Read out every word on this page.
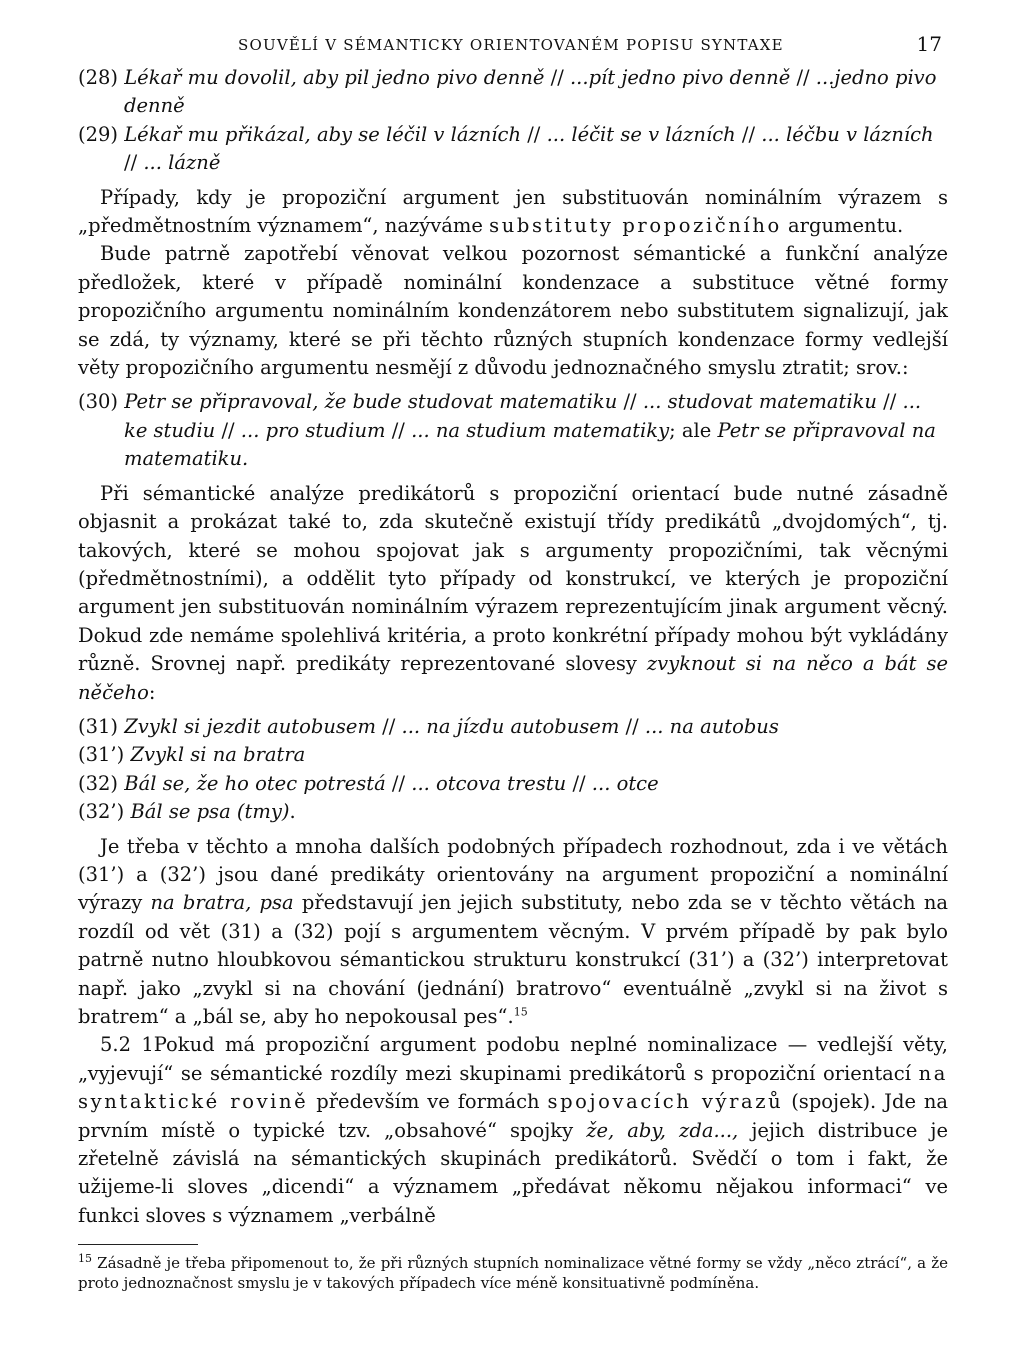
SOUVĚLÍ V SÉMANTICKY ORIENTOVANÉM POPISU SYNTAXE	17

(28) Lékař mu dovolil, aby pil jedno pivo denně // ...pít jedno pivo denně // ...jedno pivo denně

(29) Lékař mu přikázal, aby se léčil v lázních // ... léčit se v lázních // ... léčbu v lázních // ... lázně

Případy, kdy je propoziční argument jen substituován nominálním výrazem s „předmětnostním významem“, nazýváme substituty propozičního argumentu.

Bude patrně zapotřebí věnovat velkou pozornost sémantické a funkční analýze předložek, které v případě nominální kondenzace a substituce větné formy propozičního argumentu nominálním kondenzátorem nebo substitutem signalizují, jak se zdá, ty významy, které se při těchto různých stupních kondenzace formy vedlejší věty propozičního argumentu nesmějí z důvodu jednoznačného smyslu ztratit; srov.:

(30) Petr se připravoval, že bude studovat matematiku // ... studovat matematiku // ... ke studiu // ... pro studium // ... na studium matematiky; ale Petr se připravoval na matematiku.

Při sémantické analýze predikátorů s propoziční orientací bude nutné zásadně objasnit a prokázat také to, zda skutečně existují třídy predikátů „dvojdomých“, tj. takových, které se mohou spojovat jak s argumenty propozičními, tak věcnými (předmětnostními), a oddělit tyto případy od konstrukcí, ve kterých je propoziční argument jen substituován nominálním výrazem reprezentujícím jinak argument věcný. Dokud zde nemáme spolehlivá kritéria, a proto konkrétní případy mohou být vykládány různě. Srovnej např. predikáty reprezentované slovesy zvyknout si na něco a bát se něčeho:

(31) Zvykl si jezdit autobusem // ... na jízdu autobusem // ... na autobus

(31’) Zvykl si na bratra

(32) Bál se, že ho otec potrestá // ... otcova trestu // ... otce

(32’) Bál se psa (tmy).

Je třeba v těchto a mnoha dalších podobných případech rozhodnout, zda i ve větách (31’) a (32’) jsou dané predikáty orientovány na argument propoziční a nominální výrazy na bratra, psa představují jen jejich substituty, nebo zda se v těchto větách na rozdíl od vět (31) a (32) pojí s argumentem věcným. V prvém případě by pak bylo patrně nutno hloubkovou sémantickou strukturu konstrukcí (31’) a (32’) interpretovat např. jako „zvykl si na chování (jednání) bratrovo“ eventuálně „zvykl si na život s bratrem“ a „bál se, aby ho nepokousal pes“.$^{15}$

5.2 1Pokud má propoziční argument podobu neplné nominalizace — vedlejší věty, „vyjevují“ se sémantické rozdíly mezi skupinami predikátorů s propoziční orientací na syntaktické rovině především ve formách spojovacích výrazů (spojek). Jde na prvním místě o typické tzv. „obsahové“ spojky že, aby, zda..., jejich distribuce je zřetelně závislá na sémantických skupinách predikátorů. Svědčí o tom i fakt, že užijeme-li sloves „dicendi“ a významem „předávat někomu nějakou informaci“ ve funkci sloves s významem „verbálně

$^{15}$ Zásadně je třeba připomenout to, že při různých stupních nominalizace větné formy se vždy „něco ztrácí“, a že proto jednoznačnost smyslu je v takových případech více méně konsituativně podmíněna.
